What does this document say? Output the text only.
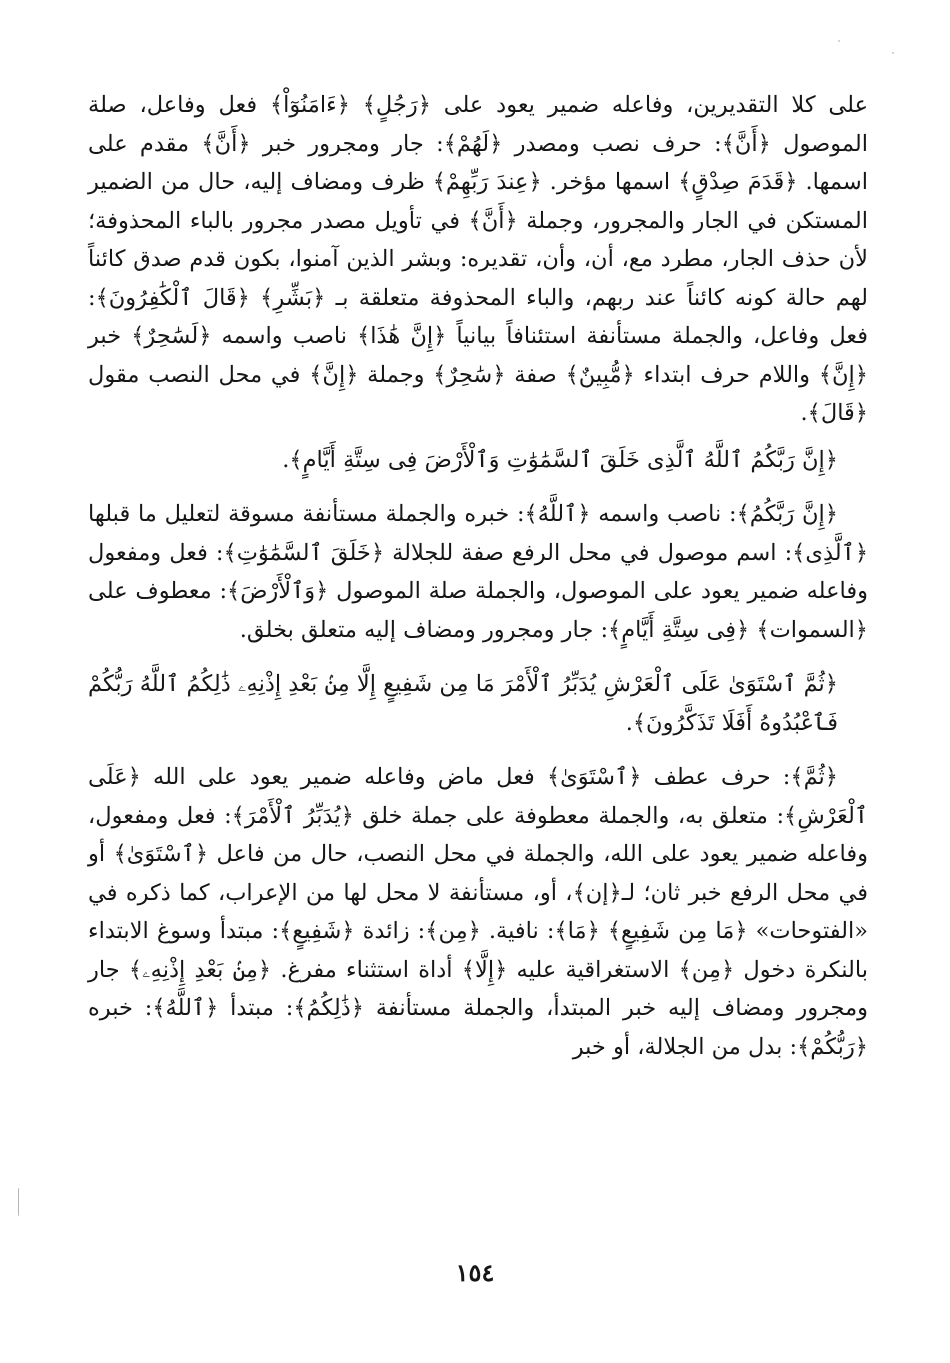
على كلا التقديرين، وفاعله ضمير يعود على ﴿رَجُلٍ﴾ ﴿ءَامَنُوٓاْ﴾ فعل وفاعل، صلة الموصول ﴿أَنَّ﴾: حرف نصب ومصدر ﴿لَهُمْ﴾: جار ومجرور خبر ﴿أَنَّ﴾ مقدم على اسمها. ﴿قَدَمَ صِدْقٍ﴾ اسمها مؤخر. ﴿عِندَ رَبِّهِمْ﴾ ظرف ومضاف إليه، حال من الضمير المستكن في الجار والمجرور، وجملة ﴿أَنَّ﴾ في تأويل مصدر مجرور بالباء المحذوفة؛ لأن حذف الجار، مطرد مع، أن، وأن، تقديره: وبشر الذين آمنوا، بكون قدم صدق كائناً لهم حالة كونه كائناً عند ربهم، والباء المحذوفة متعلقة بـ ﴿بَشِّرِ﴾ ﴿قَالَ ٱلْكَٰفِرُونَ﴾: فعل وفاعل، والجملة مستأنفة استئنافاً بيانياً ﴿إِنَّ هَٰذَا﴾ ناصب واسمه ﴿لَسَٰحِرٌ﴾ خبر ﴿إِنَّ﴾ واللام حرف ابتداء ﴿مُّبِينٌ﴾ صفة ﴿سَٰحِرٌ﴾ وجملة ﴿إِنَّ﴾ في محل النصب مقول ﴿قَالَ﴾.

﴿إِنَّ رَبَّكُمُ ٱللَّهُ ٱلَّذِى خَلَقَ ٱلسَّمَٰوَٰتِ وَٱلْأَرْضَ فِى سِتَّةِ أَيَّامٍ﴾.

﴿إِنَّ رَبَّكُمُ﴾: ناصب واسمه ﴿ٱللَّهُ﴾: خبره والجملة مستأنفة مسوقة لتعليل ما قبلها ﴿ٱلَّذِى﴾: اسم موصول في محل الرفع صفة للجلالة ﴿خَلَقَ ٱلسَّمَٰوَٰتِ﴾: فعل ومفعول وفاعله ضمير يعود على الموصول، والجملة صلة الموصول ﴿وَٱلْأَرْضَ﴾: معطوف على ﴿السموات﴾ ﴿فِى سِتَّةِ أَيَّامٍ﴾: جار ومجرور ومضاف إليه متعلق بخلق.

﴿ثُمَّ ٱسْتَوَىٰ عَلَى ٱلْعَرْشِ يُدَبِّرُ ٱلْأَمْرَ مَا مِن شَفِيعٍ إِلَّا مِنۢ بَعْدِ إِذْنِهِۦ ذَٰلِكُمُ ٱللَّهُ رَبُّكُمْ فَٱعْبُدُوهُ أَفَلَا تَذَكَّرُونَ﴾.

﴿ثُمَّ﴾: حرف عطف ﴿ٱسْتَوَىٰ﴾ فعل ماض وفاعله ضمير يعود على الله ﴿عَلَى ٱلْعَرْشِ﴾: متعلق به، والجملة معطوفة على جملة خلق ﴿يُدَبِّرُ ٱلْأَمْرَ﴾: فعل ومفعول، وفاعله ضمير يعود على الله، والجملة في محل النصب، حال من فاعل ﴿ٱسْتَوَىٰ﴾ أو في محل الرفع خبر ثان؛ لـ﴿إن﴾، أو، مستأنفة لا محل لها من الإعراب، كما ذكره في «الفتوحات» ﴿مَا مِن شَفِيعٍ﴾ ﴿مَا﴾: نافية. ﴿مِن﴾: زائدة ﴿شَفِيعٍ﴾: مبتدأ وسوغ الابتداء بالنكرة دخول ﴿مِن﴾ الاستغراقية عليه ﴿إِلَّا﴾ أداة استثناء مفرغ. ﴿مِنۢ بَعْدِ إِذْنِهِۦ﴾ جار ومجرور ومضاف إليه خبر المبتدأ، والجملة مستأنفة ﴿ذَٰلِكُمُ﴾: مبتدأ ﴿ٱللَّهُ﴾: خبره ﴿رَبُّكُمْ﴾: بدل من الجلالة، أو خبر

١٥٤
